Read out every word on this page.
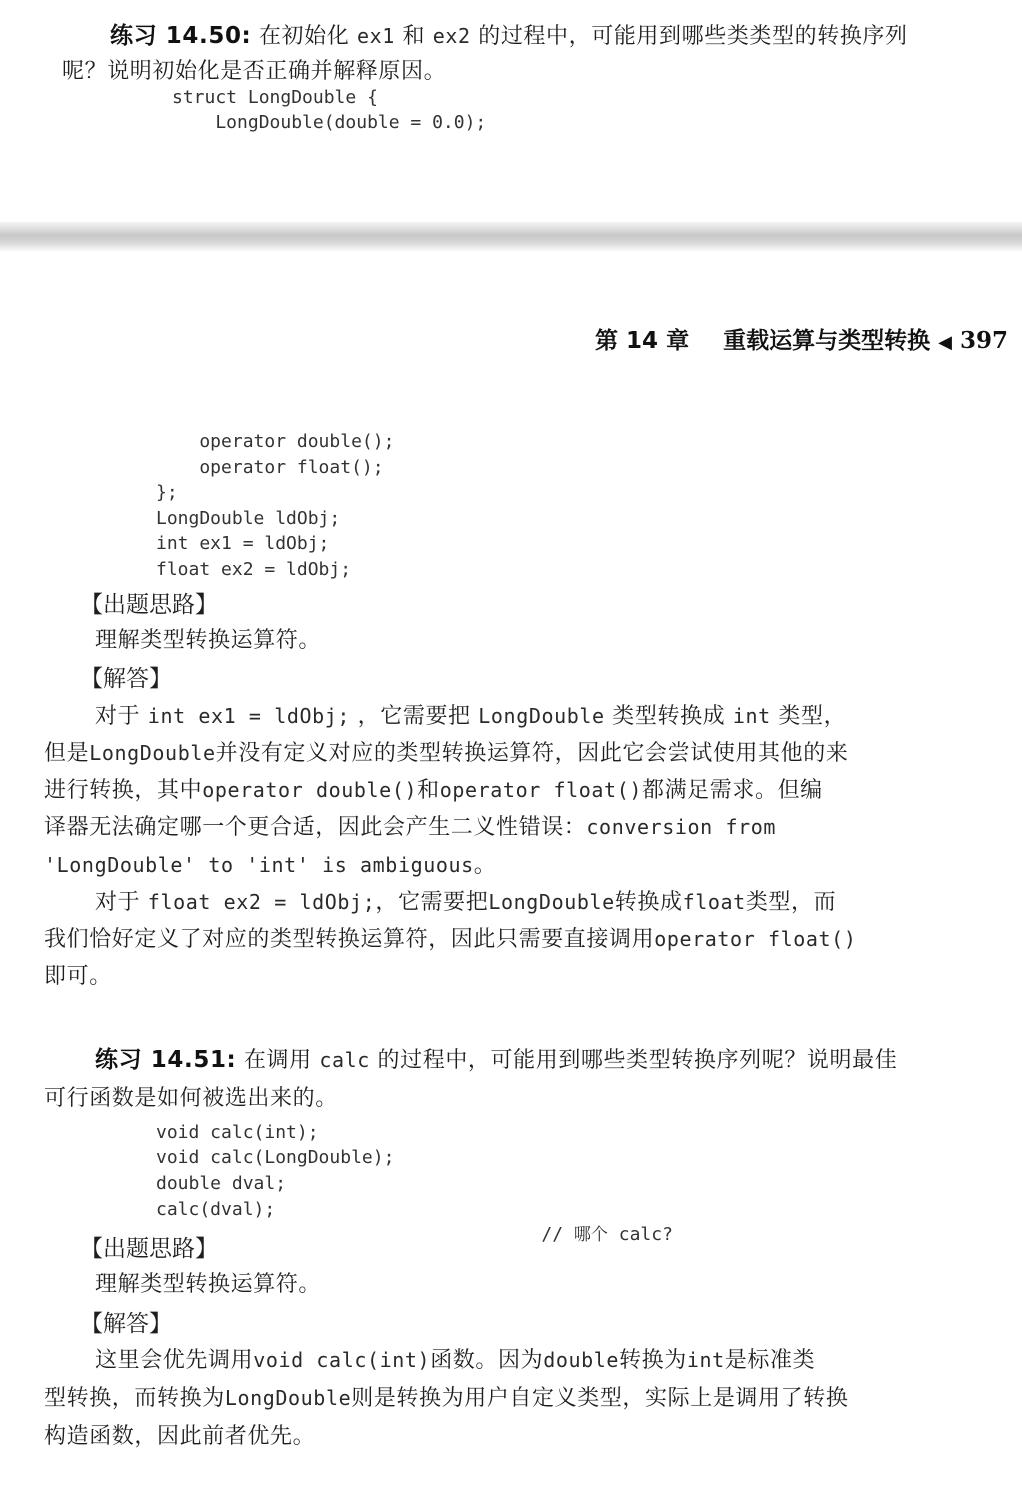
练习 14.50: 在初始化 ex1 和 ex2 的过程中，可能用到哪些类类型的转换序列
呢？说明初始化是否正确并解释原因。
struct LongDouble {
LongDouble(double = 0.0);
第 14 章 重载运算与类型转换 ◀ 397
operator double();
operator float();
};
LongDouble ldObj;
int ex1 = ldObj;
float ex2 = ldObj;
【出题思路】
理解类型转换运算符。
【解答】
对于 int ex1 = ldObj; ，它需要把 LongDouble 类型转换成 int 类型，
但是LongDouble并没有定义对应的类型转换运算符，因此它会尝试使用其他的来
进行转换，其中operator double()和operator float()都满足需求。但编
译器无法确定哪一个更合适，因此会产生二义性错误：conversion from
'LongDouble' to 'int' is ambiguous。
对于 float ex2 = ldObj;，它需要把LongDouble转换成float类型，而
我们恰好定义了对应的类型转换运算符，因此只需要直接调用operator float()
即可。
练习 14.51: 在调用 calc 的过程中，可能用到哪些类型转换序列呢？说明最佳
可行函数是如何被选出来的。
void calc(int);
void calc(LongDouble);
double dval;
calc(dval);

// 哪个 calc?

【出题思路】
理解类型转换运算符。
【解答】
这里会优先调用void calc(int)函数。因为double转换为int是标准类
型转换，而转换为LongDouble则是转换为用户自定义类型，实际上是调用了转换
构造函数，因此前者优先。
